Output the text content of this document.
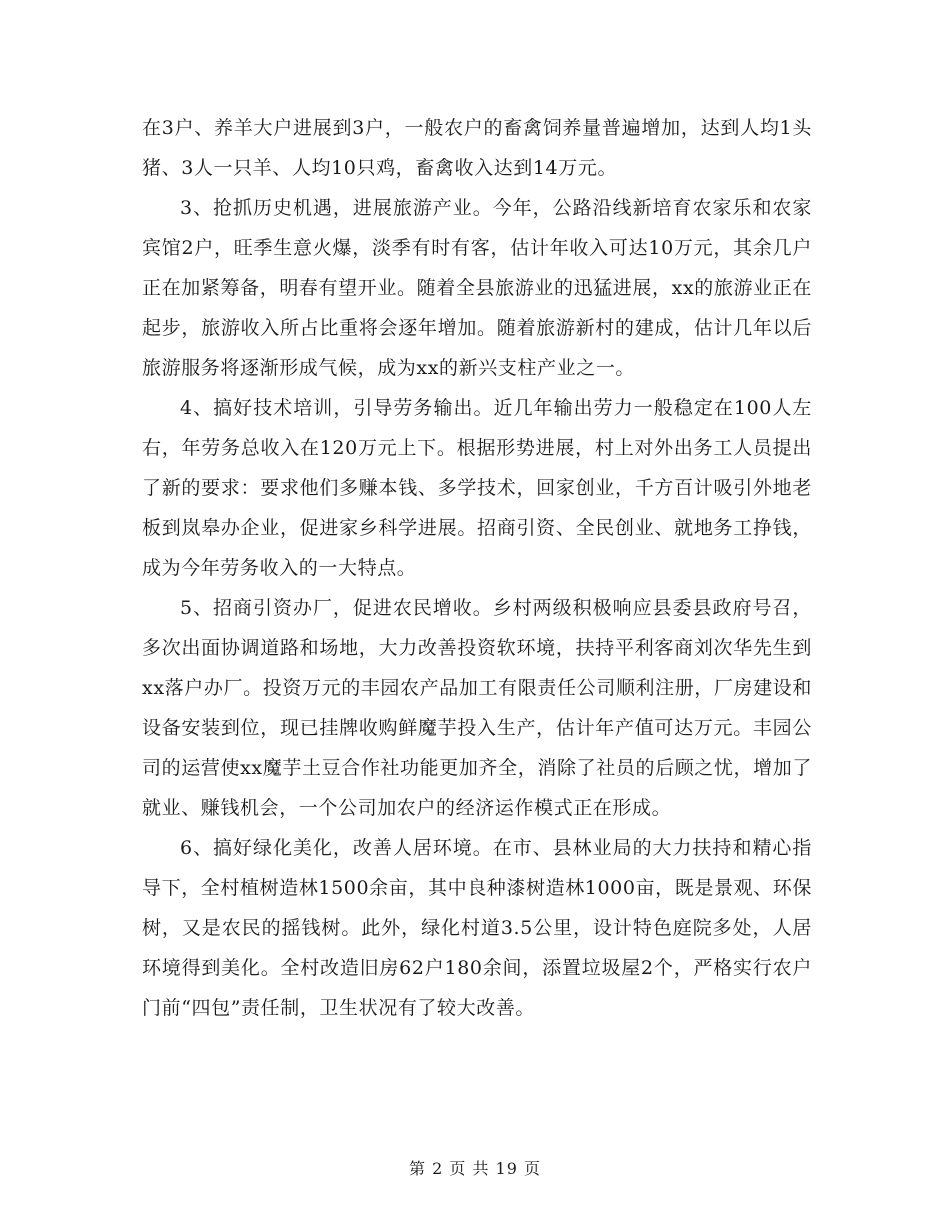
在3户、养羊大户进展到3户，一般农户的畜禽饲养量普遍增加，达到人均1头猪、3人一只羊、人均10只鸡，畜禽收入达到14万元。

3、抢抓历史机遇，进展旅游产业。今年，公路沿线新培育农家乐和农家宾馆2户，旺季生意火爆，淡季有时有客，估计年收入可达10万元，其余几户正在加紧筹备，明春有望开业。随着全县旅游业的迅猛进展，xx的旅游业正在起步，旅游收入所占比重将会逐年增加。随着旅游新村的建成，估计几年以后旅游服务将逐渐形成气候，成为xx的新兴支柱产业之一。

4、搞好技术培训，引导劳务输出。近几年输出劳力一般稳定在100人左右，年劳务总收入在120万元上下。根据形势进展，村上对外出务工人员提出了新的要求：要求他们多赚本钱、多学技术，回家创业，千方百计吸引外地老板到岚皋办企业，促进家乡科学进展。招商引资、全民创业、就地务工挣钱，成为今年劳务收入的一大特点。

5、招商引资办厂，促进农民增收。乡村两级积极响应县委县政府号召，多次出面协调道路和场地，大力改善投资软环境，扶持平利客商刘次华先生到xx落户办厂。投资万元的丰园农产品加工有限责任公司顺利注册，厂房建设和设备安装到位，现已挂牌收购鲜魔芋投入生产，估计年产值可达万元。丰园公司的运营使xx魔芋土豆合作社功能更加齐全，消除了社员的后顾之忧，增加了就业、赚钱机会，一个公司加农户的经济运作模式正在形成。

6、搞好绿化美化，改善人居环境。在市、县林业局的大力扶持和精心指导下，全村植树造林1500余亩，其中良种漆树造林1000亩，既是景观、环保树，又是农民的摇钱树。此外，绿化村道3.5公里，设计特色庭院多处，人居环境得到美化。全村改造旧房62户180余间，添置垃圾屋2个，严格实行农户门前“四包”责任制，卫生状况有了较大改善。

第 2 页 共 19 页
